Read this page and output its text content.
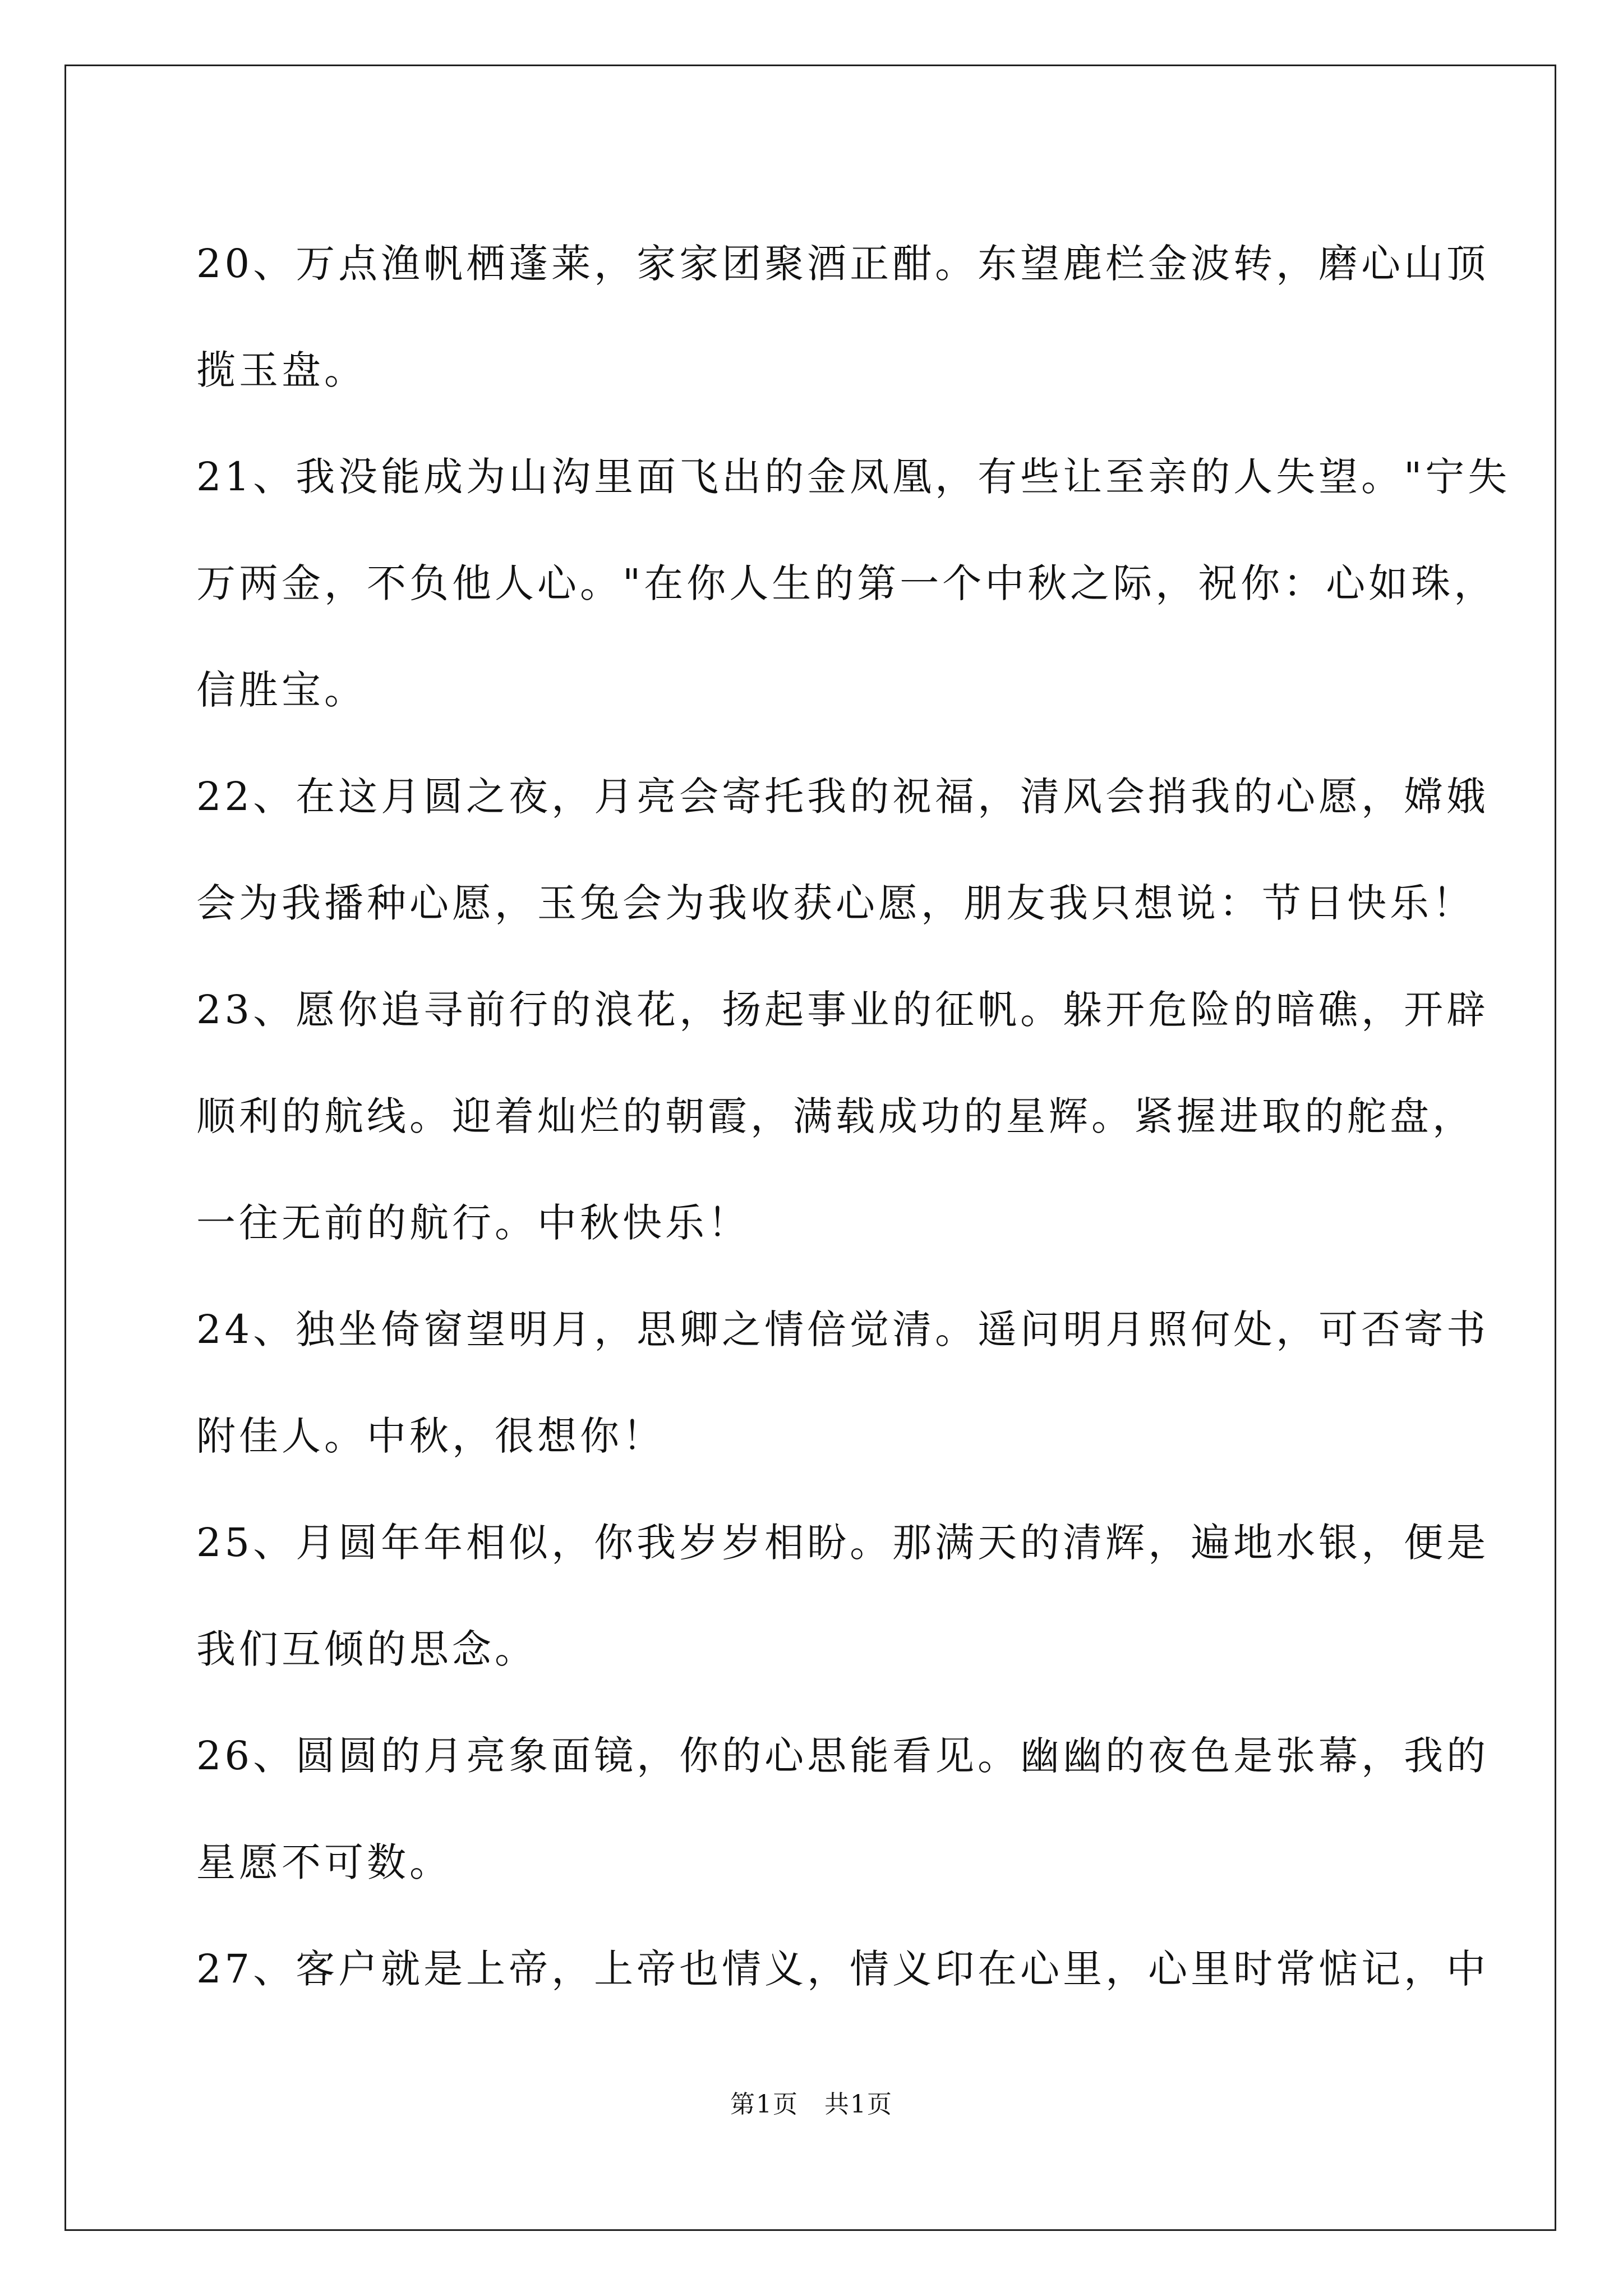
20、万点渔帆栖蓬莱，家家团聚酒正酣。东望鹿栏金波转，磨心山顶
揽玉盘。
21、我没能成为山沟里面飞出的金凤凰，有些让至亲的人失望。"宁失
万两金，不负他人心。"在你人生的第一个中秋之际，祝你：心如珠，
信胜宝。
22、在这月圆之夜，月亮会寄托我的祝福，清风会捎我的心愿，嫦娥
会为我播种心愿，玉兔会为我收获心愿，朋友我只想说：节日快乐！
23、愿你追寻前行的浪花，扬起事业的征帆。躲开危险的暗礁，开辟
顺利的航线。迎着灿烂的朝霞，满载成功的星辉。紧握进取的舵盘，
一往无前的航行。中秋快乐！
24、独坐倚窗望明月，思卿之情倍觉清。遥问明月照何处，可否寄书
附佳人。中秋，很想你！
25、月圆年年相似，你我岁岁相盼。那满天的清辉，遍地水银，便是
我们互倾的思念。
26、圆圆的月亮象面镜，你的心思能看见。幽幽的夜色是张幕，我的
星愿不可数。
27、客户就是上帝，上帝也情义，情义印在心里，心里时常惦记，中
第1页 共1页
